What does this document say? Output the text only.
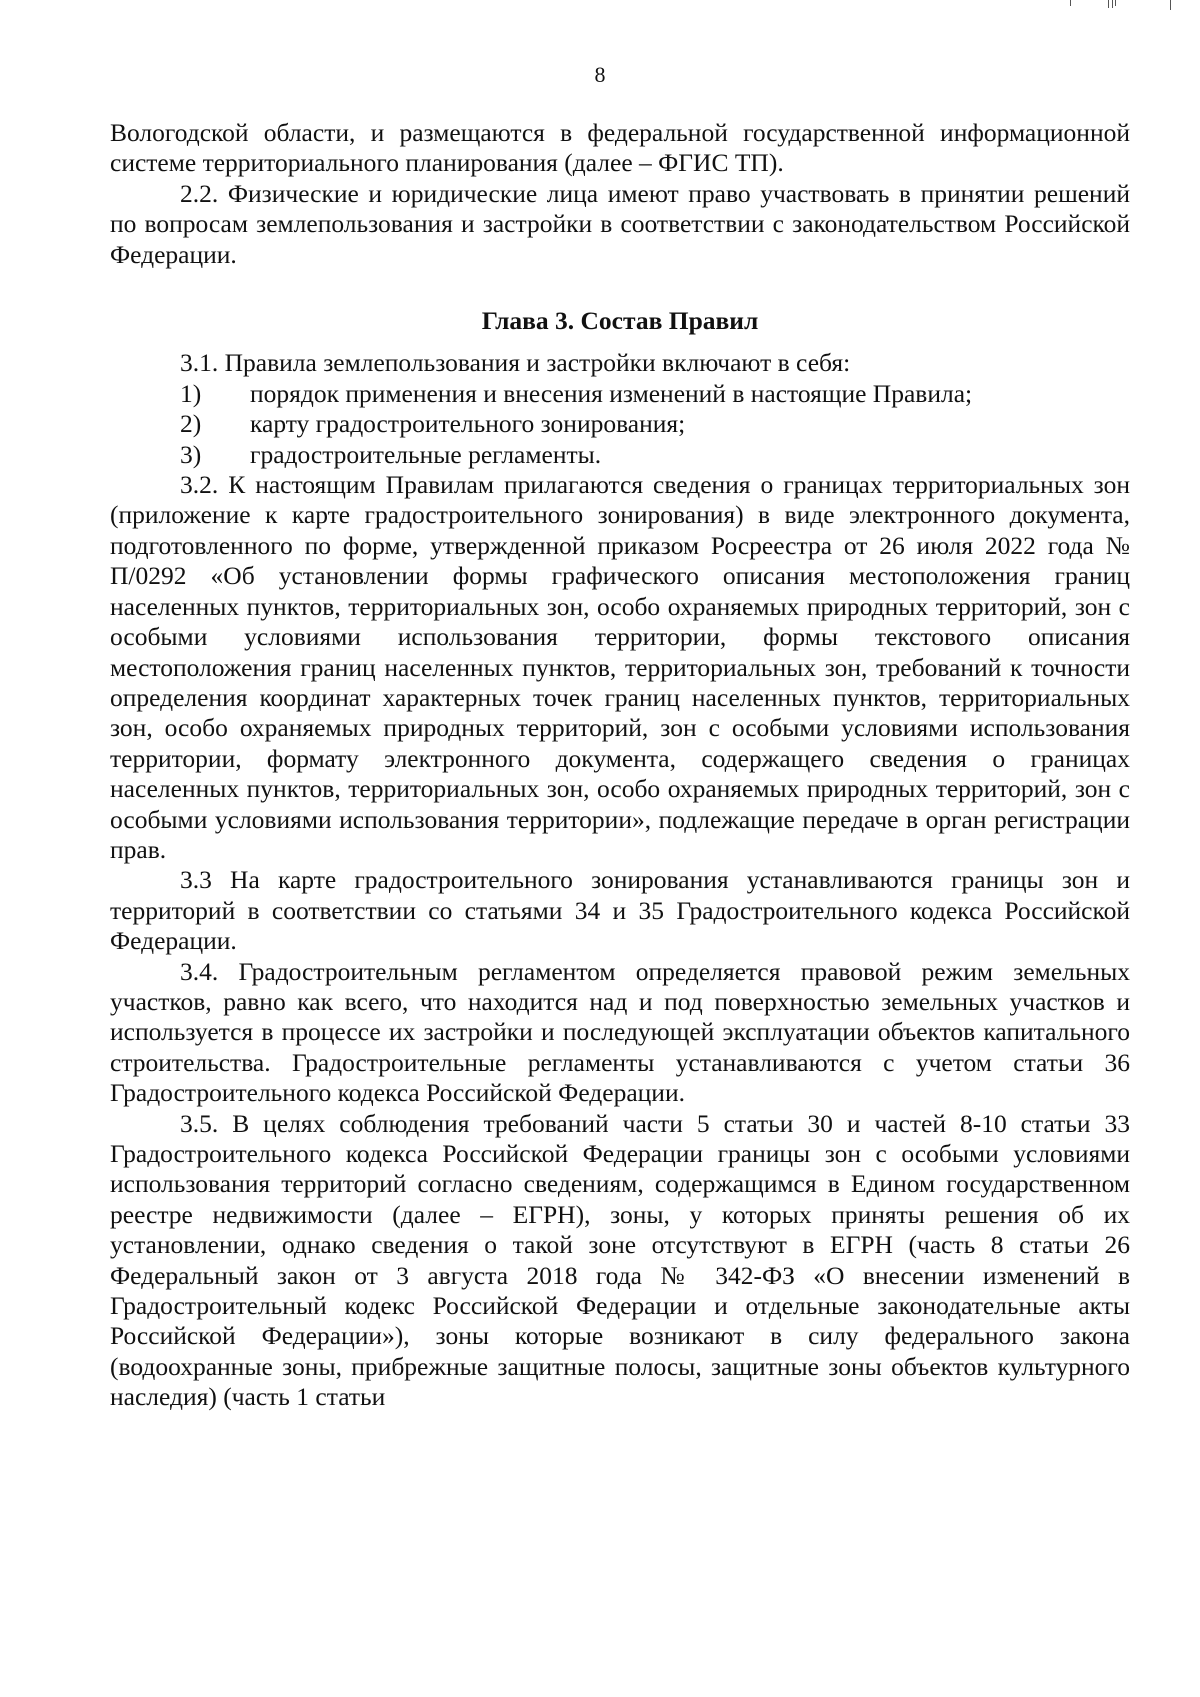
8

Вологодской области, и размещаются в федеральной государственной информационной системе территориального планирования (далее – ФГИС ТП).

2.2. Физические и юридические лица имеют право участвовать в принятии решений по вопросам землепользования и застройки в соответствии с законодательством Российской Федерации.

Глава 3. Состав Правил

3.1. Правила землепользования и застройки включают в себя:

1)	порядок применения и внесения изменений в настоящие Правила;
2)	карту градостроительного зонирования;
3)	градостроительные регламенты.

3.2. К настоящим Правилам прилагаются сведения о границах территориальных зон (приложение к карте градостроительного зонирования) в виде электронного документа, подготовленного по форме, утвержденной приказом Росреестра от 26 июля 2022 года № П/0292 «Об установлении формы графического описания местоположения границ населенных пунктов, территориальных зон, особо охраняемых природных территорий, зон с особыми условиями использования территории, формы текстового описания местоположения границ населенных пунктов, территориальных зон, требований к точности определения координат характерных точек границ населенных пунктов, территориальных зон, особо охраняемых природных территорий, зон с особыми условиями использования территории, формату электронного документа, содержащего сведения о границах населенных пунктов, территориальных зон, особо охраняемых природных территорий, зон с особыми условиями использования территории», подлежащие передаче в орган регистрации прав.

3.3 На карте градостроительного зонирования устанавливаются границы зон и территорий в соответствии со статьями 34 и 35 Градостроительного кодекса Российской Федерации.

3.4. Градостроительным регламентом определяется правовой режим земельных участков, равно как всего, что находится над и под поверхностью земельных участков и используется в процессе их застройки и последующей эксплуатации объектов капитального строительства. Градостроительные регламенты устанавливаются с учетом статьи 36 Градостроительного кодекса Российской Федерации.

3.5. В целях соблюдения требований части 5 статьи 30 и частей 8-10 статьи 33 Градостроительного кодекса Российской Федерации границы зон с особыми условиями использования территорий согласно сведениям, содержащимся в Едином государственном реестре недвижимости (далее – ЕГРН), зоны, у которых приняты решения об их установлении, однако сведения о такой зоне отсутствуют в ЕГРН (часть 8 статьи 26 Федеральный закон от 3 августа 2018 года № 342-ФЗ «О внесении изменений в Градостроительный кодекс Российской Федерации и отдельные законодательные акты Российской Федерации»), зоны которые возникают в силу федерального закона (водоохранные зоны, прибрежные защитные полосы, защитные зоны объектов культурного наследия) (часть 1 статьи
